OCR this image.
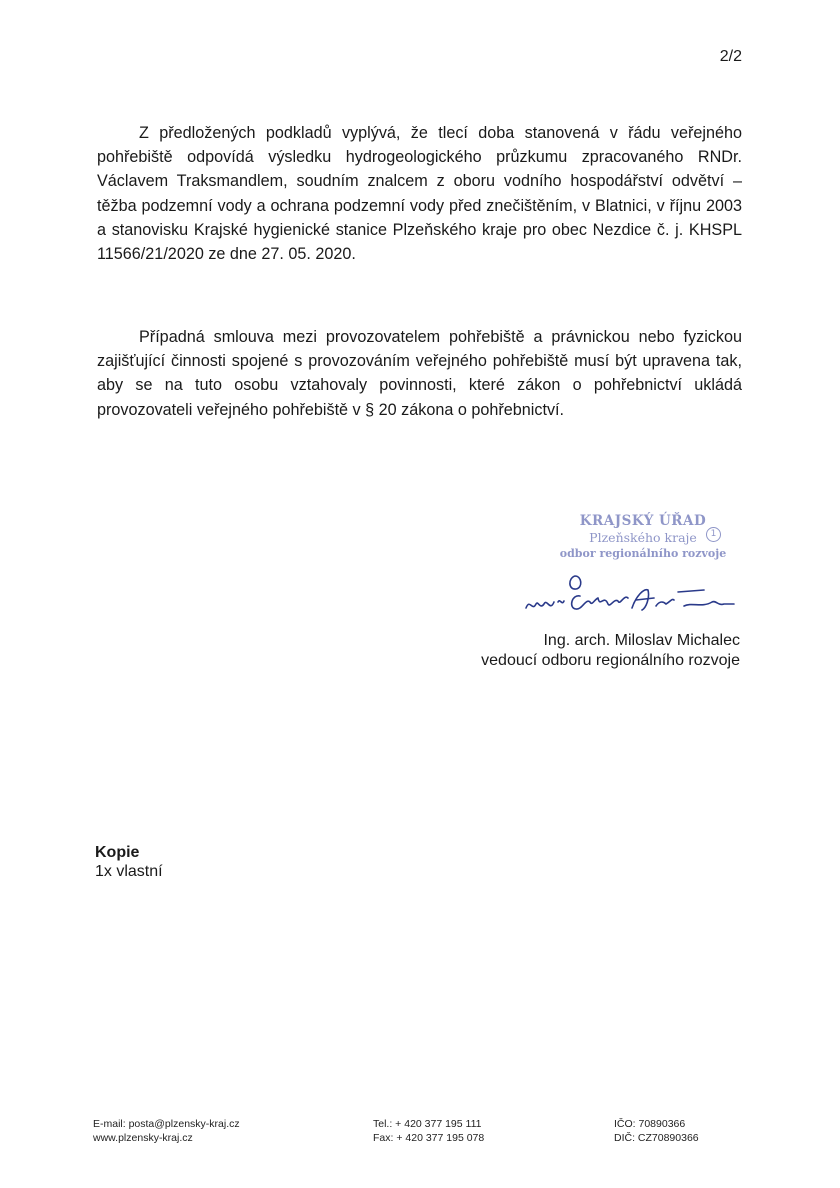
2/2

Z předložených podkladů vyplývá, že tlecí doba stanovená v řádu veřejného pohřebiště odpovídá výsledku hydrogeologického průzkumu zpracovaného RNDr. Václavem Traksmandlem, soudním znalcem z oboru vodního hospodářství odvětví – těžba podzemní vody a ochrana podzemní vody před znečištěním, v Blatnici, v říjnu 2003 a stanovisku Krajské hygienické stanice Plzeňského kraje pro obec Nezdice č. j. KHSPL 11566/21/2020 ze dne 27. 05. 2020.

Případná smlouva mezi provozovatelem pohřebiště a právnickou nebo fyzickou zajišťující činnosti spojené s provozováním veřejného pohřebiště musí být upravena tak, aby se na tuto osobu vztahovaly povinnosti, které zákon o pohřebnictví ukládá provozovateli veřejného pohřebiště v § 20 zákona o pohřebnictví.

KRAJSKÝ ÚŘAD
Plzeňského kraje
odbor regionálního rozvoje
1
Ing. arch. Miloslav Michalec
vedoucí odboru regionálního rozvoje
Kopie
1x vlastní
E-mail: posta@plzensky-kraj.cz
www.plzensky-kraj.cz
Tel.: + 420 377 195 111
Fax: + 420 377 195 078
IČO: 70890366
DIČ: CZ70890366
